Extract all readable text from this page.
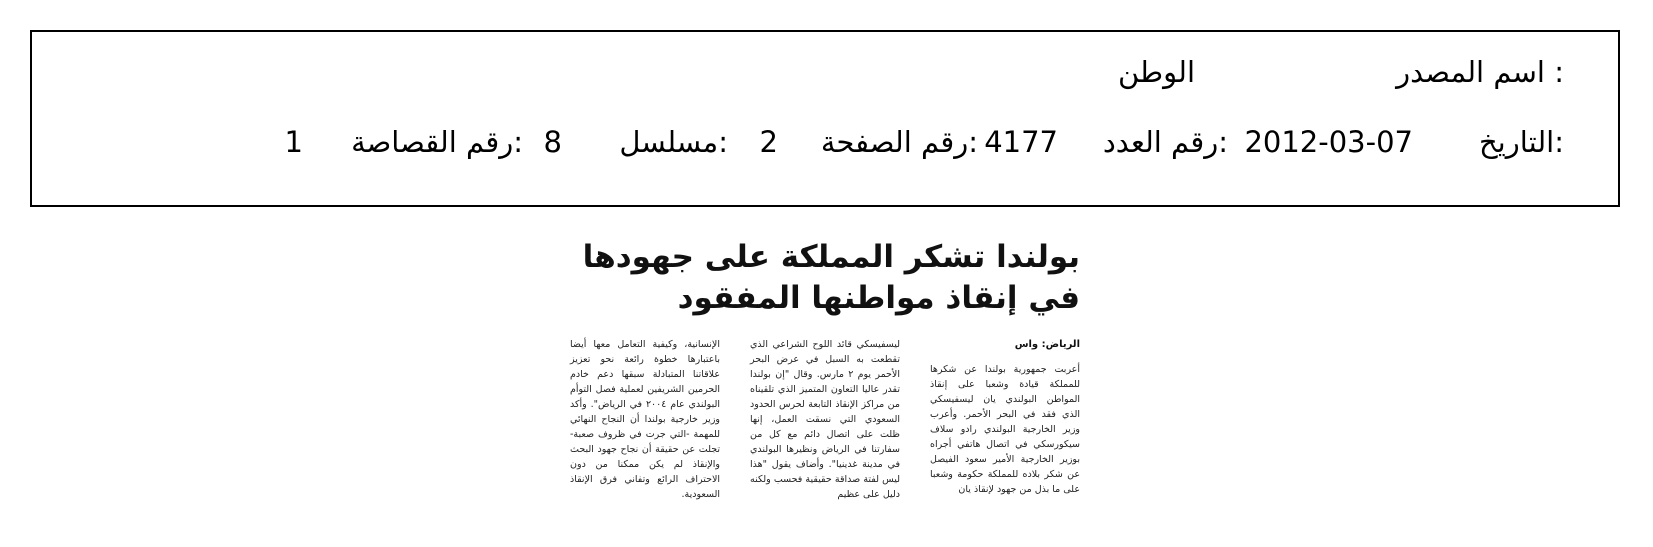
اسم المصدر :
الوطن
التاريخ:
2012-03-07
رقم العدد:
4177
رقم الصفحة:
2
مسلسل:
8
رقم القصاصة:
1
بولندا تشكر المملكة على جهودها
في إنقاذ مواطنها المفقود
الرياض: واس

أعربت جمهورية بولندا عن شكرها للمملكة قيادة وشعبا على إنقاذ المواطن البولندي يان ليسفيسكي الذي فقد في البحر الأحمر. وأعرب وزير الخارجية البولندي رادو سلاف سيكورسكي في اتصال هاتفي أجراه بوزير الخارجية الأمير سعود الفيصل عن شكر بلاده للمملكة حكومة وشعبا على ما بذل من جهود لإنقاذ يان

ليسفيسكي قائد اللوح الشراعي الذي تقطعت به السبل في عرض البحر الأحمر يوم ٢ مارس. وقال "إن بولندا تقدر عاليا التعاون المتميز الذي تلقيناه من مراكز الإنقاذ التابعة لحرس الحدود السعودي التي نسقت العمل، إنها ظلت على اتصال دائم مع كل من سفارتنا في الرياض ونظيرها البولندي في مدينة غدينيا". وأضاف يقول "هذا ليس لفتة صداقة حقيقية فحسب ولكنه دليل على عظيم

الإنسانية، وكيفية التعامل معها أيضا باعتبارها خطوة رائعة نحو تعزيز علاقاتنا المتبادلة سبقها دعم خادم الحرمين الشريفين لعملية فصل التوأم البولندي عام ٢٠٠٤ في الرياض". وأكد وزير خارجية بولندا أن النجاح النهائي للمهمة -التي جرت في ظروف صعبة- تجلت عن حقيقة أن نجاح جهود البحث والإنقاذ لم يكن ممكنا من دون الاحتراف الرائع وتفاني فرق الإنقاذ السعودية.
